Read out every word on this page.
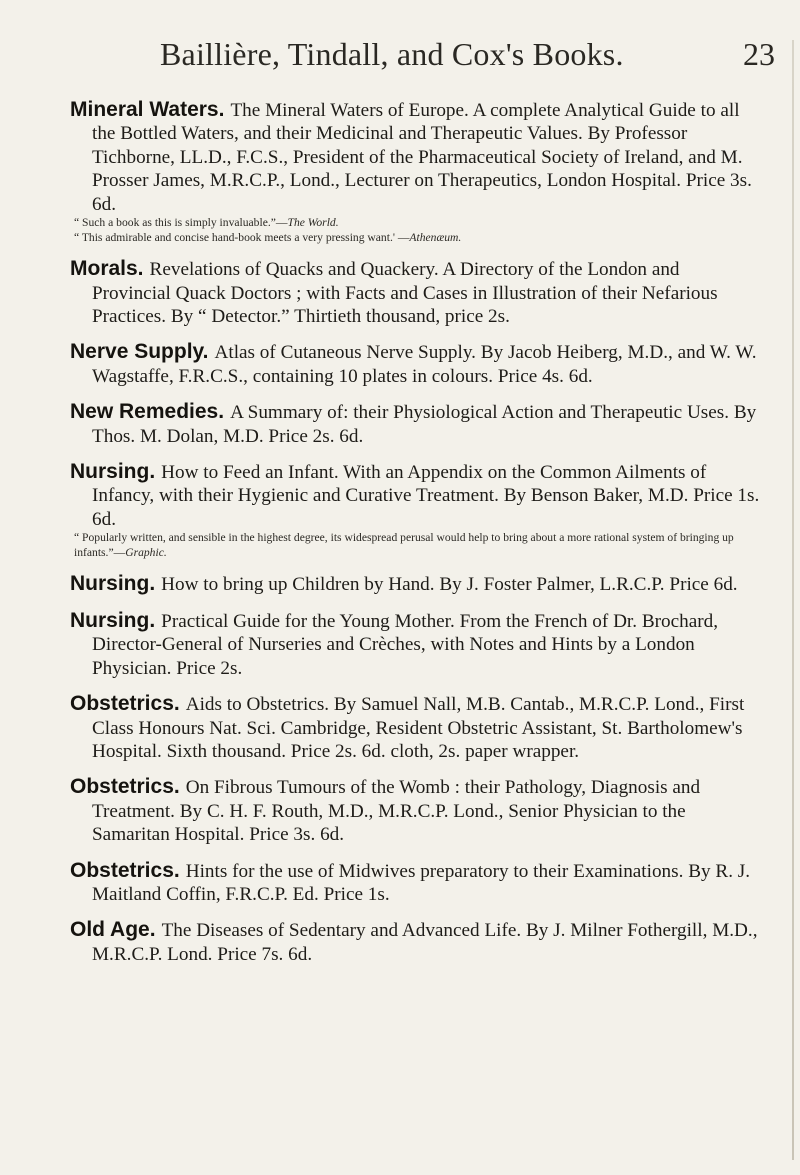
Baillière, Tindall, and Cox's Books.	23
Mineral Waters. The Mineral Waters of Europe. A complete Analytical Guide to all the Bottled Waters, and their Medicinal and Therapeutic Values. By Professor Tichborne, LL.D., F.C.S., President of the Pharmaceutical Society of Ireland, and M. Prosser James, M.R.C.P., Lond., Lecturer on Therapeutics, London Hospital. Price 3s. 6d.
“ Such a book as this is simply invaluable.”—The World.
“ This admirable and concise hand-book meets a very pressing want.' —Athenæum.
Morals. Revelations of Quacks and Quackery. A Directory of the London and Provincial Quack Doctors ; with Facts and Cases in Illustration of their Nefarious Practices. By “ Detector.” Thirtieth thousand, price 2s.
Nerve Supply. Atlas of Cutaneous Nerve Supply. By Jacob Heiberg, M.D., and W. W. Wagstaffe, F.R.C.S., containing 10 plates in colours. Price 4s. 6d.
New Remedies. A Summary of: their Physiological Action and Therapeutic Uses. By Thos. M. Dolan, M.D. Price 2s. 6d.
Nursing. How to Feed an Infant. With an Appendix on the Common Ailments of Infancy, with their Hygienic and Curative Treatment. By Benson Baker, M.D. Price 1s. 6d.
“ Popularly written, and sensible in the highest degree, its widespread perusal would help to bring about a more rational system of bringing up infants.”—Graphic.
Nursing. How to bring up Children by Hand. By J. Foster Palmer, L.R.C.P. Price 6d.
Nursing. Practical Guide for the Young Mother. From the French of Dr. Brochard, Director-General of Nurseries and Crèches, with Notes and Hints by a London Physician. Price 2s.
Obstetrics. Aids to Obstetrics. By Samuel Nall, M.B. Cantab., M.R.C.P. Lond., First Class Honours Nat. Sci. Cambridge, Resident Obstetric Assistant, St. Bartholomew's Hospital. Sixth thousand. Price 2s. 6d. cloth, 2s. paper wrapper.
Obstetrics. On Fibrous Tumours of the Womb : their Pathology, Diagnosis and Treatment. By C. H. F. Routh, M.D., M.R.C.P. Lond., Senior Physician to the Samaritan Hospital. Price 3s. 6d.
Obstetrics. Hints for the use of Midwives preparatory to their Examinations. By R. J. Maitland Coffin, F.R.C.P. Ed. Price 1s.
Old Age. The Diseases of Sedentary and Advanced Life. By J. Milner Fothergill, M.D., M.R.C.P. Lond. Price 7s. 6d.
